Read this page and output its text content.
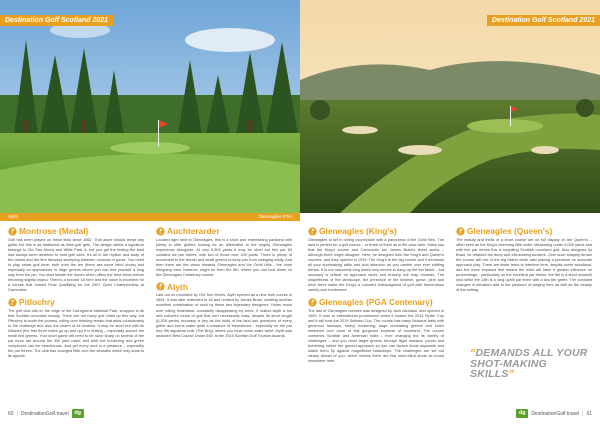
Destination Golf Scotland 2021
Montrose (Medal)
Golf has been played on these links since 1562. That alone should tempt any golfer but this is as traditional as links golf gets. The design stems a signature belongs to Old Tom Morris and Willie Park Jr. but you get the feeling the land had always been destined to host golf rules. It's all in the rhythm and sway of the dunes and the firm fairways sweeping between mounds of gorse. You need to play smart golf here, both from the tee (there are some blind shots) and especially on approaches to large greens where you can find yourself a long way from the pin. You start beside the dunes which offers the best views before returning slightly inland. There's a second 18 here and the value is excellent for a course that hosted Final Qualifying for the 2007 Open Championship at Carnoustie.
Pitlochry
The golf club sits on the edge of the Cairngorms National Park, wrapped in all that Scottish mountain beauty. There are not many golf clubs up this way, but Pitlochry is worth the journey, rolling over heaving terrain that adds considerably to the challenge and also the charm of its location. It may be short but with its hillsides (the first three holes go up and up) it is testing – especially around the small fast greens. Your short game will need to be razor sharp on several of the par fours are around the 300 yard mark, and both the bunkering and green complexes can be treacherous. And yet every shot is a pleasure – especially the par threes. The club has changed little over the decades which only adds to its appeal.
Auchterarder
Located right next to Gleneagles, this is a short and entertaining parkland with plenty to offer golfers looking for an alternative to the mighty Gleneagles experience alongside. At only 5,800 yards it may be short but this par 69 contains six par threes, with two of those over 200 yards. There is plenty of movement to the terrain and small greens to keep you from swinging wildly. And then there are the views towards Gleneagles and the Ochil Hills... the most intriguing view, however, might be from the 6th, where you can look down on the Gleneagles Centenary course.
Alyth
Laid out on moorland by Old Tom Morris, Alyth opened as a nine hole course in 1894. It was later extended to 18 and revised by James Braid, creating another excellent combination of work by these two legendary designers. Holes move over rolling heathland, constantly disappearing by trees. It makes Alyth a fun and colourful round of golf that isn't necessarily easy: despite its short length (6,205 yards) accuracy is key as the folds of the land ask questions of every golfer and burns make quite a nuisance of themselves... especially on the par four 9th signature hole (The Brig), where you must cross water twice. Alyth was awarded 'Best Course Under £50' at the 2015 Scottish Golf Tourism Awards.
60 | DestinationGolf.travel	dg
Destination Golf Scotland 2021
Gleneagles (King's)
Gleneagles is set in rolling countryside with a panorama of the Ochil Hills. The land is perfect for a golf course... or three of them as is the case here. Many say that the King's course and Carnoustie are James Braid's finest works – although there might disagree. Here, he designed both the King's and Queen's courses, and they opened in 1919. The King's is the big course and it demands all your shotmaking skills and club selection as you ramble over ever shifting terrain. It is not massively long which only serves to hang up the fun factor... but accuracy is critical on approach shots and bravery will reap rewards. The shapeliness of the landscape, the presence of the heather, gorse, pine and birch trees make the King's a colourful extravaganza of golf with tremendous variety and excitement.
Gleneagles (PGA Centenary)
The last of Gleneagles courses was designed by Jack Nicklaus, and opened in 1993. It rose to international prominence when it hosted the 2014 Ryder Cup and it will host the 2019 Solheim Cup. The course has many Nicklaus traits with generous fairways, heavy bunkering, large undulating greens and holes stretched over more of this gorgeous expanse of moorland. The course combines Scottish and American traits – ever changing but its variety of challenges – and you must target greens through flight streams, ponds and bordering rubble the ground approach so you can launch shots skywards and watch them fly against magnificent backdrops. The challenges are set out clearly ahead of you, which means there are few semi-blind shots as found elsewhere here.
Gleneagles (Queen's)
The beauty and thrills of a short course are on full display on the Queen's – often seen as the King's charming little sister. Measuring under 6,000 yards and with five par threes this is beguiling Scottish moorland golf. Also designed by Braid, he retained the deep and intimidating bunkers. Over such shapely terrain the course will mix in the big hitters while also placing a premium on accurate approach play. There are fewer trees to interfere here, despite some woodland, and the more exposed feel means the wind will have a greater influence on proceedings... particularly on the excellent par threes: the 5th is a short downhill shot while the 14th is a long uphill par three with a two tier green. The constant changes in elevation add to the pleasure of playing here as well as the beauty of the setting.
“DEMANDS ALL YOUR SHOT-MAKING SKILLS”
dg	DestinationGolf.travel | 61
Alyth	Gleneagles PGA
